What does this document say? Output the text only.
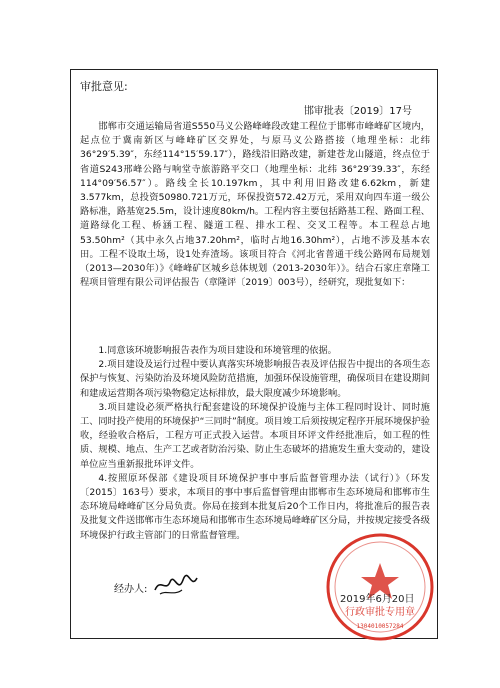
审批意见:
邯审批表〔2019〕17号

邯郸市交通运输局省道S550马义公路峰峰段改建工程位于邯郸市峰峰矿区境内，起点位于冀南新区与峰峰矿区交界处，与原马义公路搭接（地理坐标：北纬 36°29′5.39″，东经114°15′59.17″），路线沿旧路改建，新建苍龙山隧道，终点位于省道S243邢峰公路与响堂寺旅游路平交口（地理坐标：北纬 36°29′39.33″，东经114°09′56.57″）。路线全长10.197km，其中利用旧路改建6.62km，新建3.577km，总投资50980.721万元，环保投资572.42万元，采用双向四车道一级公路标准，路基宽25.5m，设计速度80km/h。工程内容主要包括路基工程、路面工程、道路绿化工程、桥涵工程、隧道工程、排水工程、交叉工程等。本工程总占地53.50hm²（其中永久占地37.20hm²，临时占地16.30hm²），占地不涉及基本农田。工程不设取土场，设1处弃渣场。该项目符合《河北省普通干线公路网布局规划（2013—2030年）》《峰峰矿区城乡总体规划（2013-2030年）》。结合石家庄章隆工程项目管理有限公司评估报告（章隆评〔2019〕003号），经研究，现批复如下：

1.同意该环境影响报告表作为项目建设和环境管理的依据。

2.项目建设及运行过程中要认真落实环境影响报告表及评估报告中提出的各项生态保护与恢复、污染防治及环境风险防范措施，加强环保设施管理，确保项目在建设期间和建成运营期各项污染物稳定达标排放，最大限度减少环境影响。

3.项目建设必须严格执行配套建设的环境保护设施与主体工程同时设计、同时施工、同时投产使用的环境保护“三同时”制度。项目竣工后须按规定程序开展环境保护验收，经验收合格后，工程方可正式投入运营。本项目环评文件经批准后，如工程的性质、规模、地点、生产工艺或者防治污染、防止生态破坏的措施发生重大变动的，建设单位应当重新报批环评文件。

4.按照原环保部《建设项目环境保护事中事后监督管理办法（试行）》（环发〔2015〕163号）要求，本项目的事中事后监督管理由邯郸市生态环境局和邯郸市生态环境局峰峰矿区分局负责。你局在接到本批复后20个工作日内，将批准后的报告表及批复文件送邯郸市生态环境局和邯郸市生态环境局峰峰矿区分局，并按规定接受各级环境保护行政主管部门的日常监督管理。

经办人:
行政审批专用章
1304010057284
2019年6月20日
